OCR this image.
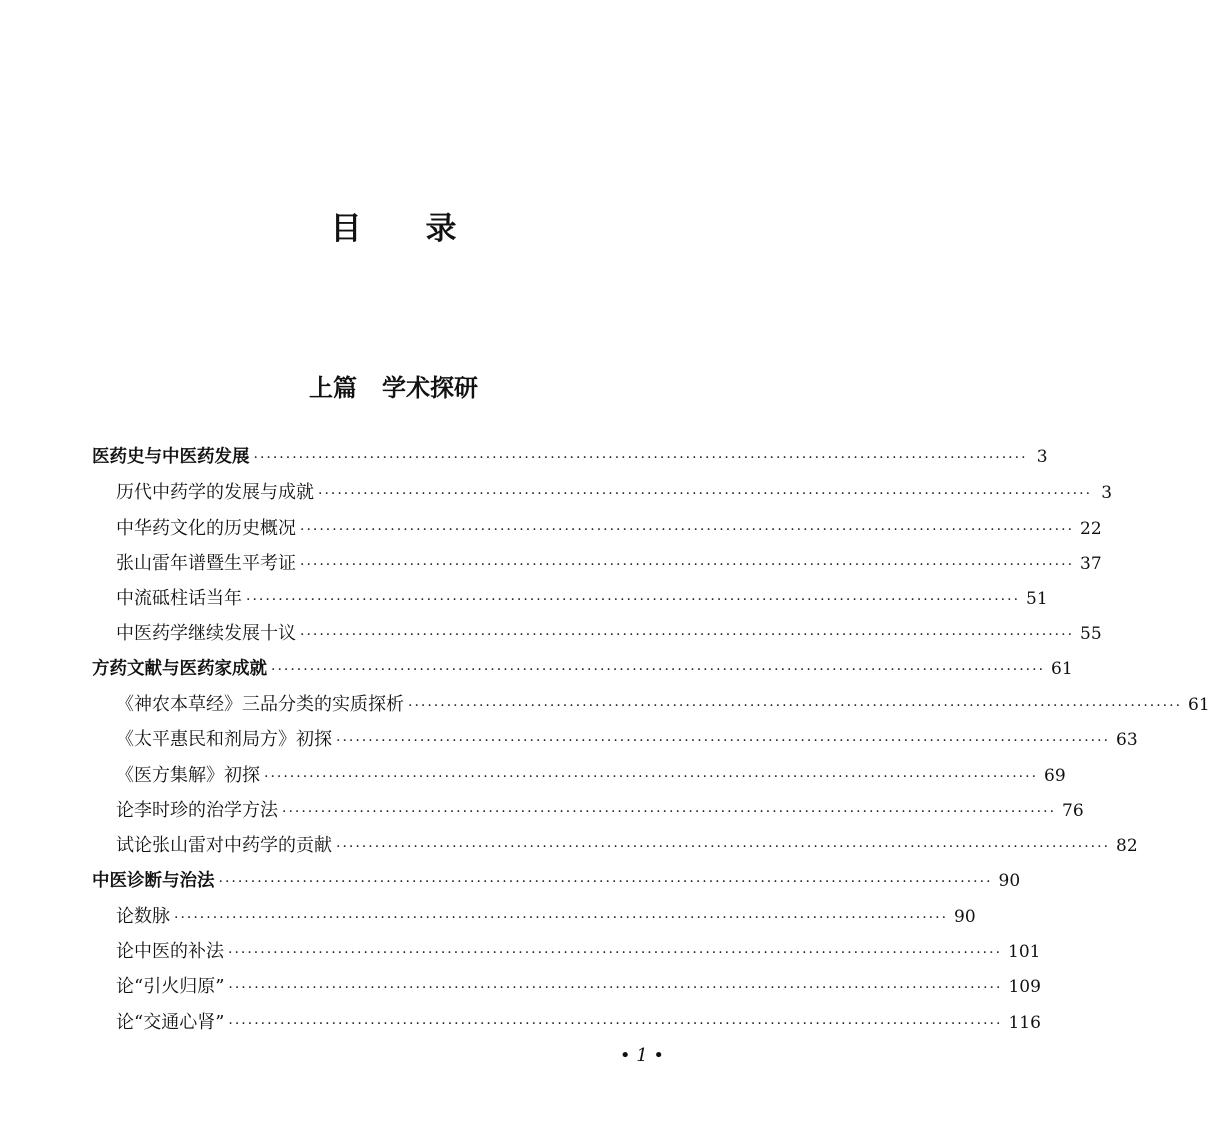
目录
上篇   学术探研
医药史与中医药发展 ························································································································ 3
历代中药学的发展与成就 ························································································································ 3
中华药文化的历史概况 ························································································································ 22
张山雷年谱暨生平考证 ························································································································ 37
中流砥柱话当年 ························································································································ 51
中医药学继续发展十议 ························································································································ 55
方药文献与医药家成就 ························································································································ 61
《神农本草经》三品分类的实质探析 ························································································································ 61
《太平惠民和剂局方》初探 ························································································································ 63
《医方集解》初探 ························································································································ 69
论李时珍的治学方法 ························································································································ 76
试论张山雷对中药学的贡献 ························································································································ 82
中医诊断与治法 ························································································································ 90
论数脉 ························································································································ 90
论中医的补法 ························································································································ 101
论“引火归原” ························································································································ 109
论“交通心肾” ························································································································ 116
• 1 •
